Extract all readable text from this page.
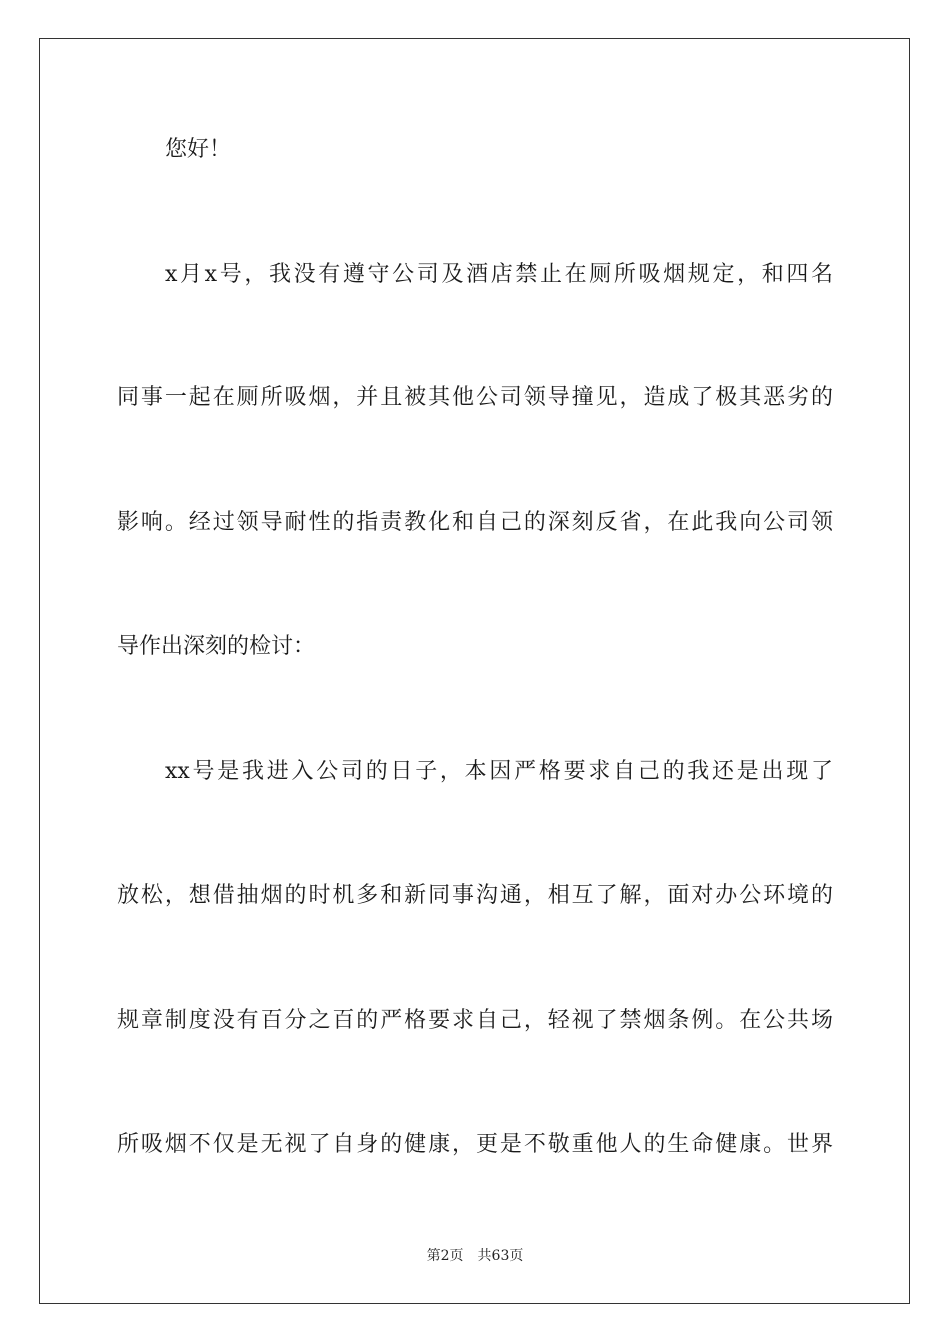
您好！
x月x号，我没有遵守公司及酒店禁止在厕所吸烟规定，和四名
同事一起在厕所吸烟，并且被其他公司领导撞见，造成了极其恶劣的
影响。经过领导耐性的指责教化和自己的深刻反省，在此我向公司领
导作出深刻的检讨：
xx号是我进入公司的日子，本因严格要求自己的我还是出现了
放松，想借抽烟的时机多和新同事沟通，相互了解，面对办公环境的
规章制度没有百分之百的严格要求自己，轻视了禁烟条例。在公共场
所吸烟不仅是无视了自身的健康，更是不敬重他人的生命健康。世界
第2页 共63页
